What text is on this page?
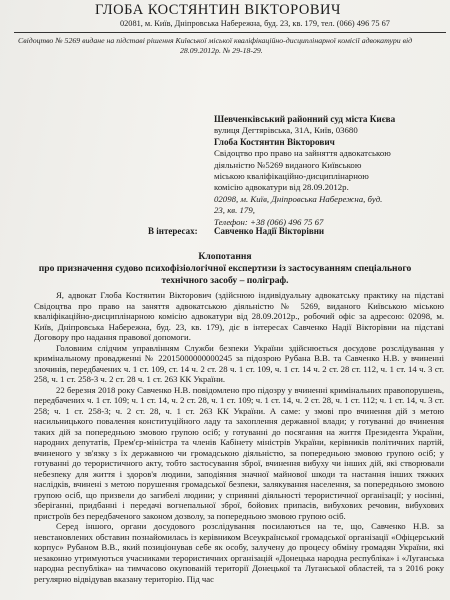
ГЛОБА КОСТЯНТИН ВІКТОРОВИЧ
02081, м. Київ, Дніпровська Набережна, буд. 23, кв. 179, тел. (066) 496 75 67
Свідоцтво № 5269 видане на підставі рішення Київської міської кваліфікаційно-дисциплінарної комісії адвокатури від
28.09.2012р. № 29-18-29.
Шевченківський районний суд міста Києва
вулиця Дегтярівська, 31А, Київ, 03680
Глоба Костянтин Вікторович
Свідоцтво про право на зайняття адвокатською
діяльністю №5269 виданого Київською
міською кваліфікаційно-дисциплінарною
комісію адвокатури від 28.09.2012р.
02098, м. Київ, Дніпровська Набережна, буд.
23, кв. 179,
Телефон: +38 (066) 496 75 67
В інтересах: Савченко Надії Вікторівни
Клопотання
про призначення судово психофізіологічної експертизи із застосуванням спеціального
технічного засобу – поліграф.

Я, адвокат Глоба Костянтин Вікторович (здійснюю індивідуальну адвокатську практику на підставі Свідоцтва про право на заняття адвокатською діяльністю № 5269, виданого Київською міською кваліфікаційно-дисциплінарною комісію адвокатури від 28.09.2012р., робочий офіс за адресою: 02098, м. Київ, Дніпровська Набережна, буд. 23, кв. 179), діє в інтересах Савченко Надії Вікторівни на підставі Договору про надання правової допомоги.

Головним слідчим управлінням Служби безпеки України здійснюється досудове розслідування у кримінальному провадженні № 22015000000000245 за підозрою Рубана В.В. та Савченко Н.В. у вчиненні злочинів, передбачених ч. 1 ст. 109, ст. 14 ч. 2 ст. 28 ч. 1 ст. 109, ч. 1 ст. 14 ч. 2 ст. 28 ст. 112, ч. 1 ст. 14 ч. 3 ст. 258, ч. 1 ст. 258-3 ч. 2 ст. 28 ч. 1 ст. 263 КК України.

22 березня 2018 року Савченко Н.В. повідомлено про підозру у вчиненні кримінальних правопорушень, передбачених ч. 1 ст. 109; ч. 1 ст. 14, ч. 2 ст. 28, ч. 1 ст. 109; ч. 1 ст. 14, ч. 2 ст. 28, ч. 1 ст. 112; ч. 1 ст. 14, ч. 3 ст. 258; ч. 1 ст. 258-3; ч. 2 ст. 28, ч. 1 ст. 263 КК України. А саме: у змові про вчинення дій з метою насильницького повалення конституційного ладу та захоплення державної влади; у готуванні до вчинення таких дій за попередньою змовою групою осіб; у готуванні до посягання на життя Президента України, народних депутатів, Прем'єр-міністра та членів Кабінету міністрів України, керівників політичних партій, вчиненого у зв'язку з їх державною чи громадською діяльністю, за попередньою змовою групою осіб; у готуванні до терористичного акту, тобто застосування зброї, вчинення вибуху чи інших дій, які створювали небезпеку для життя і здоров'я людини, заподіяння значної майнової шкоди та настання інших тяжких наслідків, вчинені з метою порушення громадської безпеки, залякування населення, за попередньою змовою групою осіб, що призвели до загибелі людини; у сприянні діяльності терористичної організації; у носінні, зберіганні, придбанні і передачі вогнепальної зброї, бойових припасів, вибухових речовин, вибухових пристроїв без передбаченого законом дозволу, за попередньою змовою групою осіб.

Серед іншого, органи досудового розслідування посилаються на те, що, Савченко Н.В. за невстановлених обставин познайомилась із керівником Всеукраїнської громадської організації «Офіцерський корпус» Рубаном В.В., який позиціонував себе як особу, залучену до процесу обміну громадян України, які незаконно утримуються учасниками терористичних організацій «Донецька народна республіка» і «Луганська народна республіка» на тимчасово окупованій території Донецької та Луганської областей, та з 2016 року регулярно відвідував вказану територію. Під час
